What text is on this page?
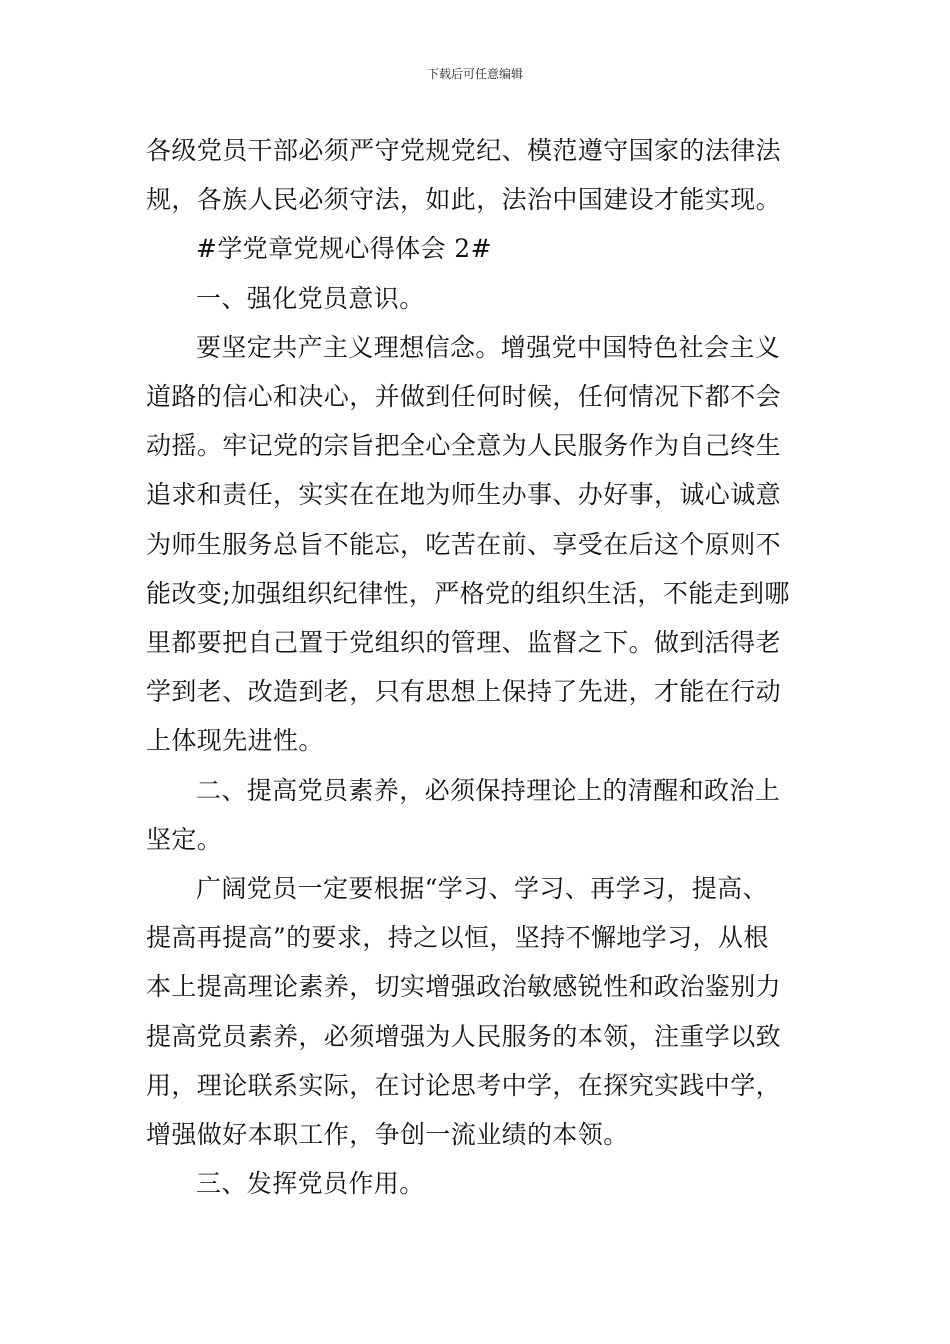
下载后可任意编辑

各级党员干部必须严守党规党纪、模范遵守国家的法律法

规，各族人民必须守法，如此，法治中国建设才能实现。

#学党章党规心得体会 2#

一、强化党员意识。

要坚定共产主义理想信念。增强党中国特色社会主义

道路的信心和决心，并做到任何时候，任何情况下都不会

动摇。牢记党的宗旨把全心全意为人民服务作为自己终生

追求和责任，实实在在地为师生办事、办好事，诚心诚意

为师生服务总旨不能忘，吃苦在前、享受在后这个原则不

能改变;加强组织纪律性，严格党的组织生活，不能走到哪

里都要把自己置于党组织的管理、监督之下。做到活得老

学到老、改造到老，只有思想上保持了先进，才能在行动

上体现先进性。

二、提高党员素养，必须保持理论上的清醒和政治上

坚定。

广阔党员一定要根据“学习、学习、再学习，提高、

提高再提高”的要求，持之以恒，坚持不懈地学习，从根

本上提高理论素养，切实增强政治敏感锐性和政治鉴别力

提高党员素养，必须增强为人民服务的本领，注重学以致

用，理论联系实际，在讨论思考中学，在探究实践中学，

增强做好本职工作，争创一流业绩的本领。

三、发挥党员作用。
